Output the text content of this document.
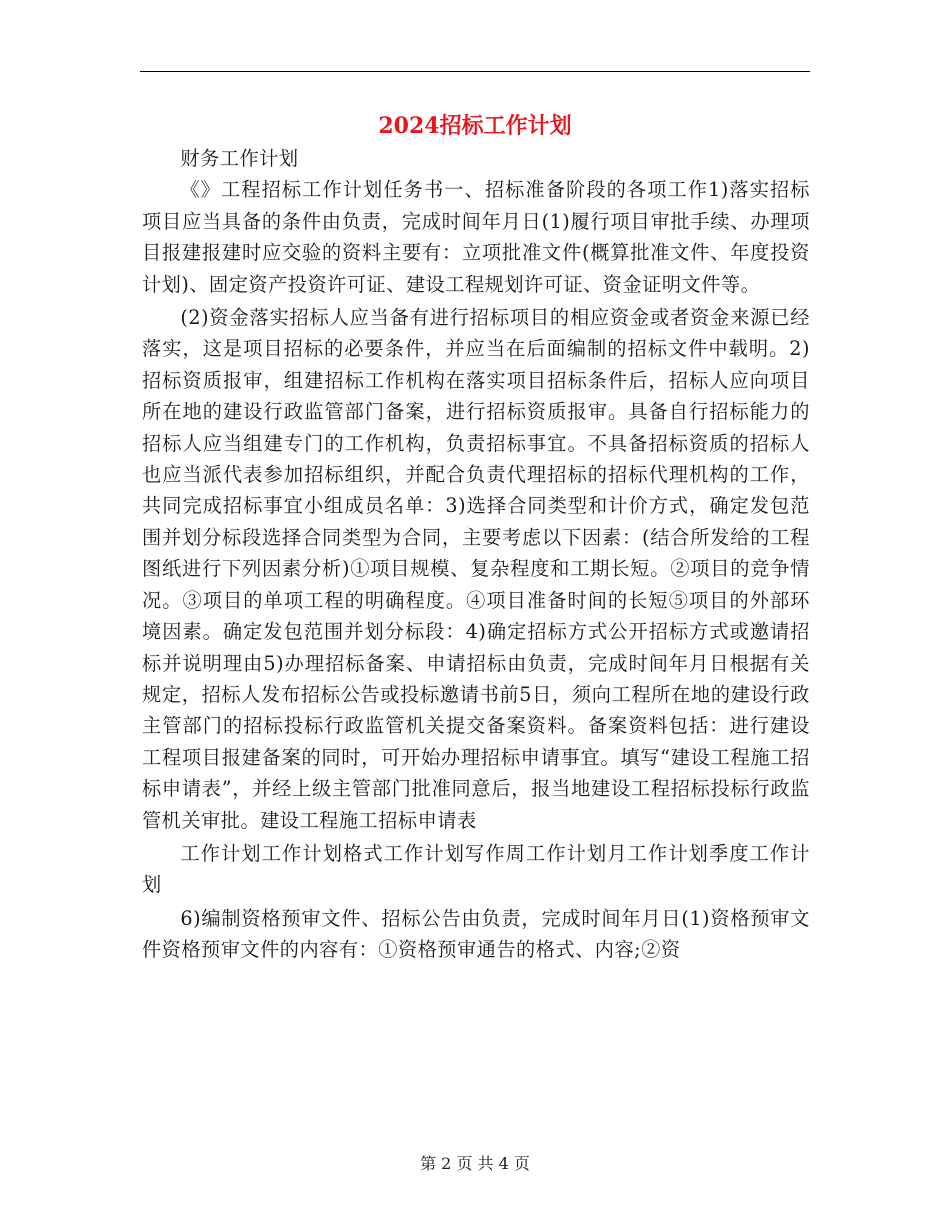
2024招标工作计划

财务工作计划

《》工程招标工作计划任务书一、招标准备阶段的各项工作1)落实招标项目应当具备的条件由负责，完成时间年月日(1)履行项目审批手续、办理项目报建报建时应交验的资料主要有：立项批准文件(概算批准文件、年度投资计划)、固定资产投资许可证、建设工程规划许可证、资金证明文件等。

(2)资金落实招标人应当备有进行招标项目的相应资金或者资金来源已经落实，这是项目招标的必要条件，并应当在后面编制的招标文件中载明。2)招标资质报审，组建招标工作机构在落实项目招标条件后，招标人应向项目所在地的建设行政监管部门备案，进行招标资质报审。具备自行招标能力的招标人应当组建专门的工作机构，负责招标事宜。不具备招标资质的招标人也应当派代表参加招标组织，并配合负责代理招标的招标代理机构的工作，共同完成招标事宜小组成员名单：3)选择合同类型和计价方式，确定发包范围并划分标段选择合同类型为合同，主要考虑以下因素：(结合所发给的工程图纸进行下列因素分析)①项目规模、复杂程度和工期长短。②项目的竞争情况。③项目的单项工程的明确程度。④项目准备时间的长短⑤项目的外部环境因素。确定发包范围并划分标段：4)确定招标方式公开招标方式或邀请招标并说明理由5)办理招标备案、申请招标由负责，完成时间年月日根据有关规定，招标人发布招标公告或投标邀请书前5日，须向工程所在地的建设行政主管部门的招标投标行政监管机关提交备案资料。备案资料包括：进行建设工程项目报建备案的同时，可开始办理招标申请事宜。填写“建设工程施工招标申请表”，并经上级主管部门批准同意后，报当地建设工程招标投标行政监管机关审批。建设工程施工招标申请表

工作计划工作计划格式工作计划写作周工作计划月工作计划季度工作计划

6)编制资格预审文件、招标公告由负责，完成时间年月日(1)资格预审文件资格预审文件的内容有：①资格预审通告的格式、内容;②资

第 2 页 共 4 页
